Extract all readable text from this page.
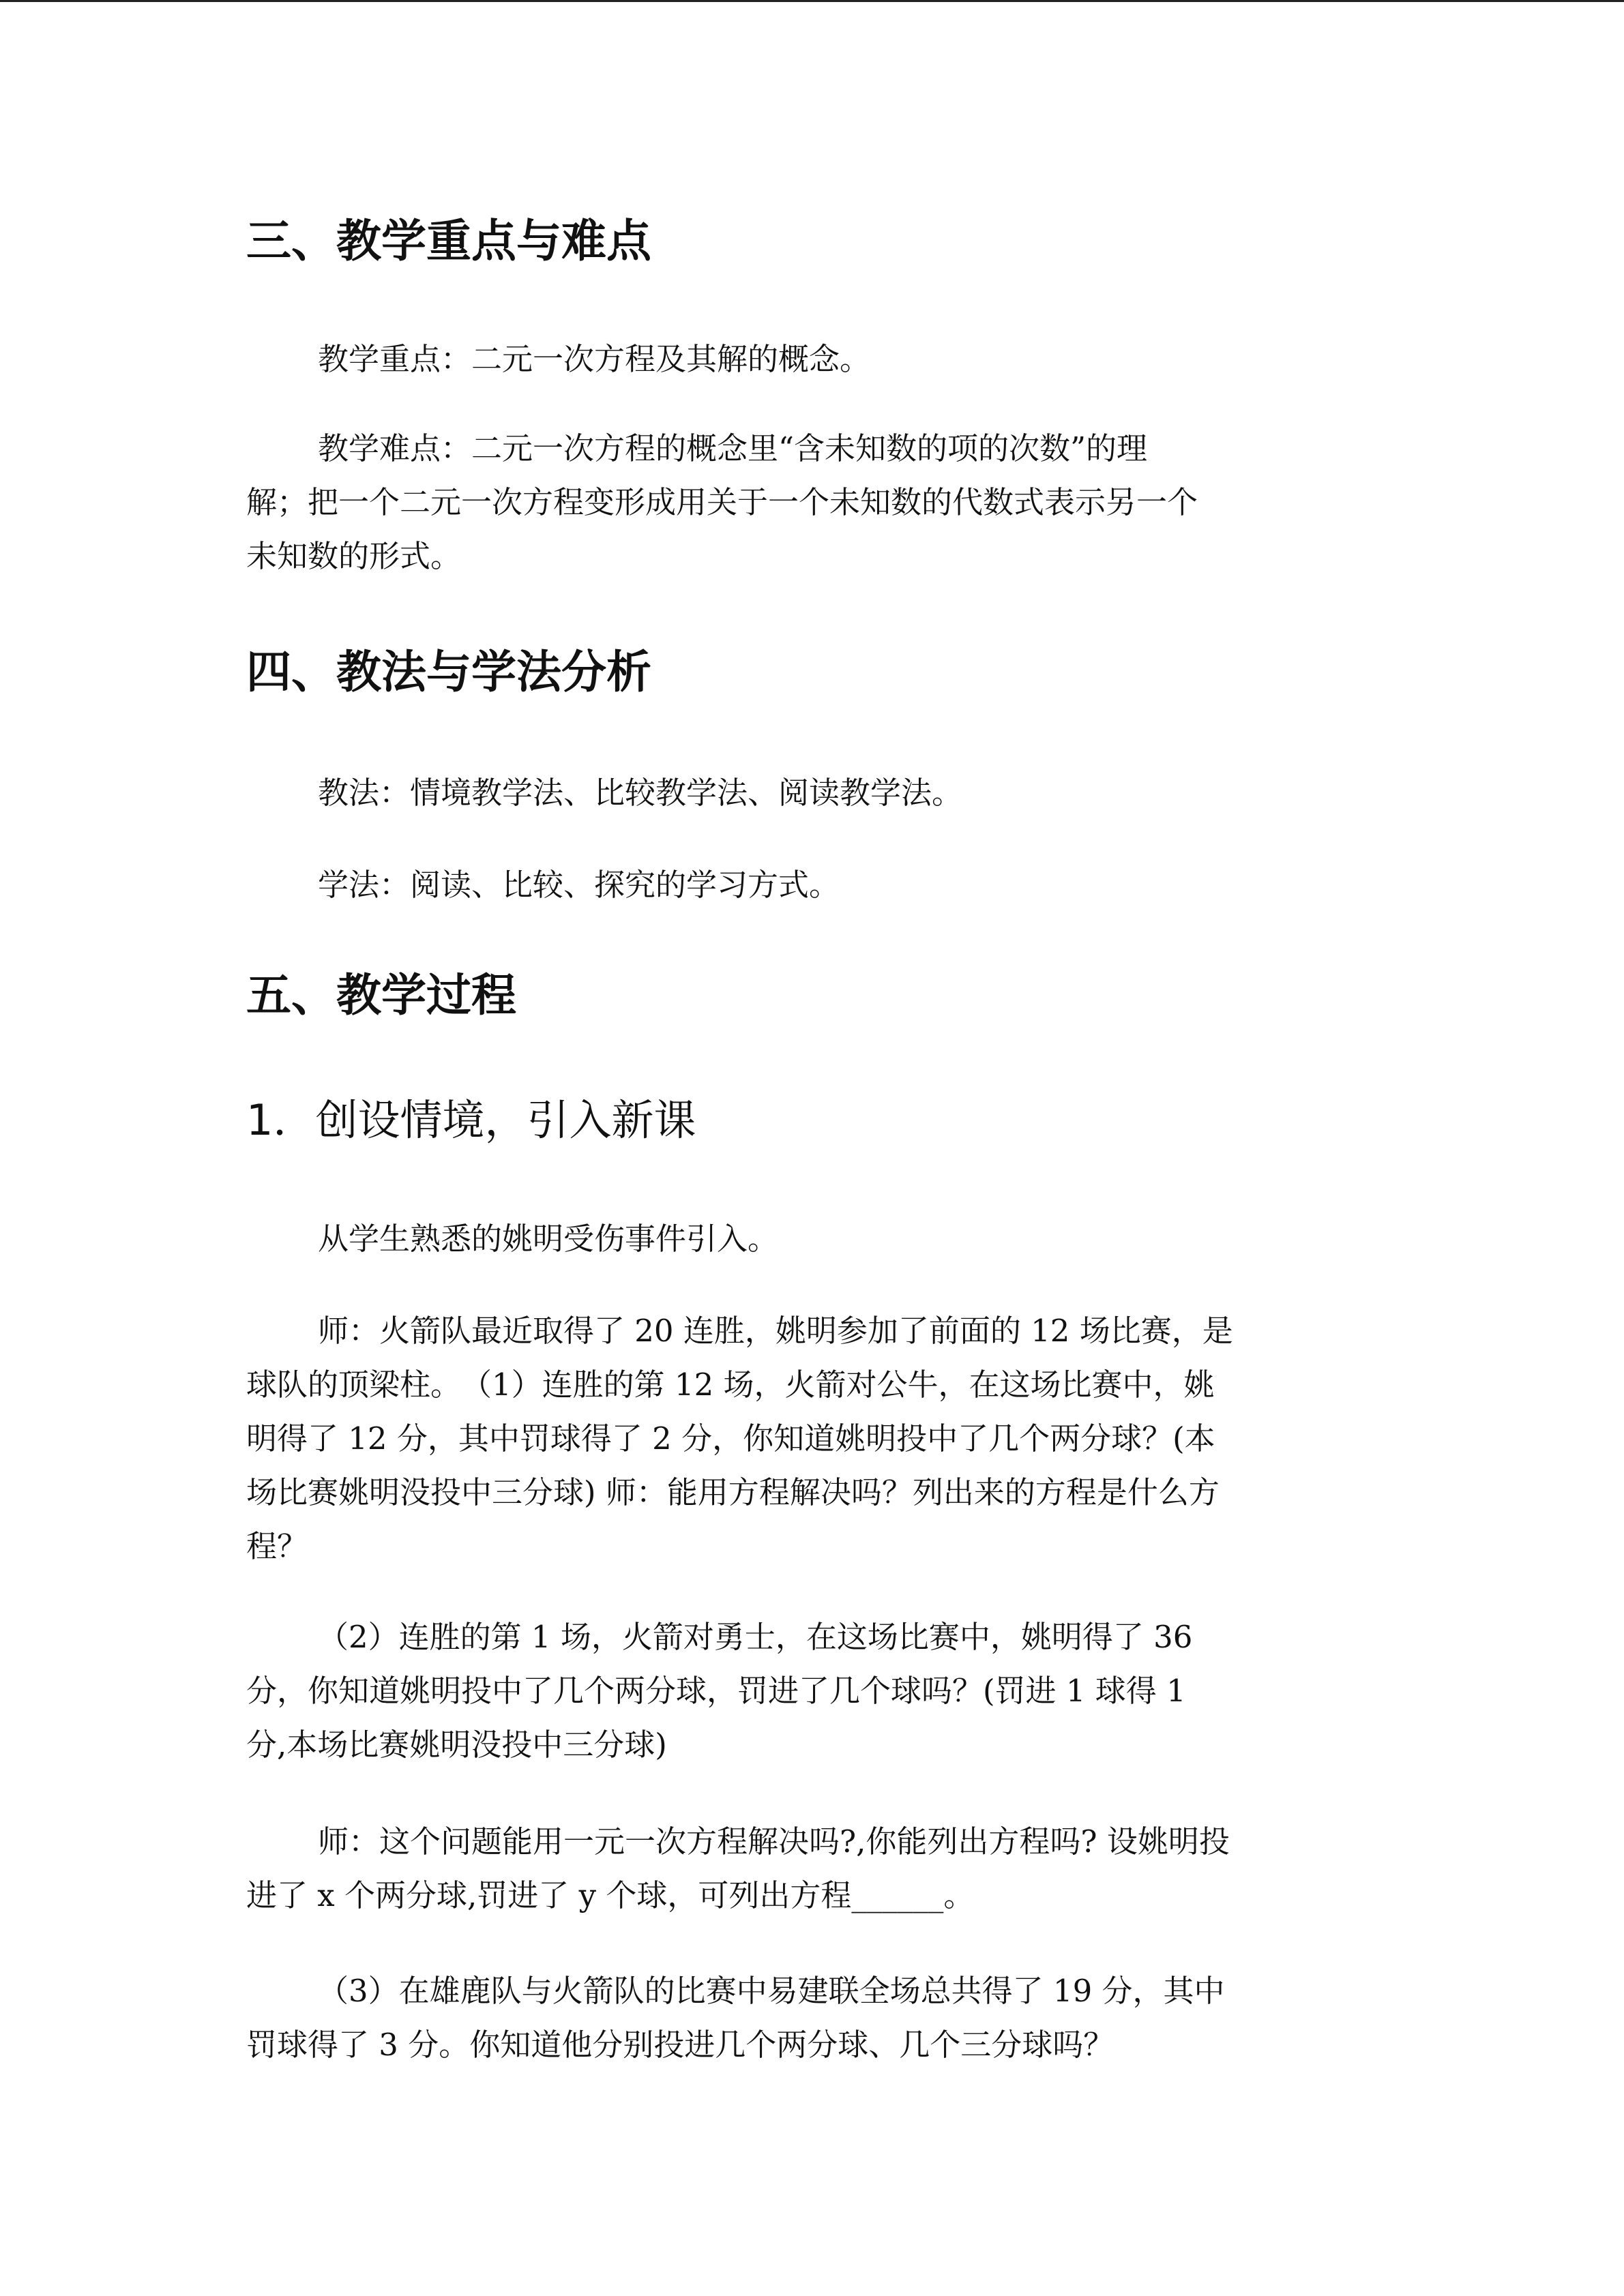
三、教学重点与难点

教学重点：二元一次方程及其解的概念。

教学难点：二元一次方程的概念里“含未知数的项的次数”的理
解；把一个二元一次方程变形成用关于一个未知数的代数式表示另一个
未知数的形式。

四、教法与学法分析

教法：情境教学法、比较教学法、阅读教学法。

学法：阅读、比较、探究的学习方式。

五、教学过程
1．创设情境，引入新课

从学生熟悉的姚明受伤事件引入。

师：火箭队最近取得了 20 连胜，姚明参加了前面的 12 场比赛，是
球队的顶梁柱。　（1）连胜的第 12 场，火箭对公牛，在这场比赛中，姚
明得了 12 分，其中罚球得了 2 分，你知道姚明投中了几个两分球？(本
场比赛姚明没投中三分球) 师：能用方程解决吗？列出来的方程是什么方
程？

（2）连胜的第 1 场，火箭对勇士，在这场比赛中，姚明得了 36
分，你知道姚明投中了几个两分球，罚进了几个球吗？(罚进 1 球得 1
分,本场比赛姚明没投中三分球)

师：这个问题能用一元一次方程解决吗?,你能列出方程吗? 设姚明投
进了 x 个两分球,罚进了 y 个球，可列出方程______。

（3）在雄鹿队与火箭队的比赛中易建联全场总共得了 19 分，其中
罚球得了 3 分。你知道他分别投进几个两分球、几个三分球吗？
